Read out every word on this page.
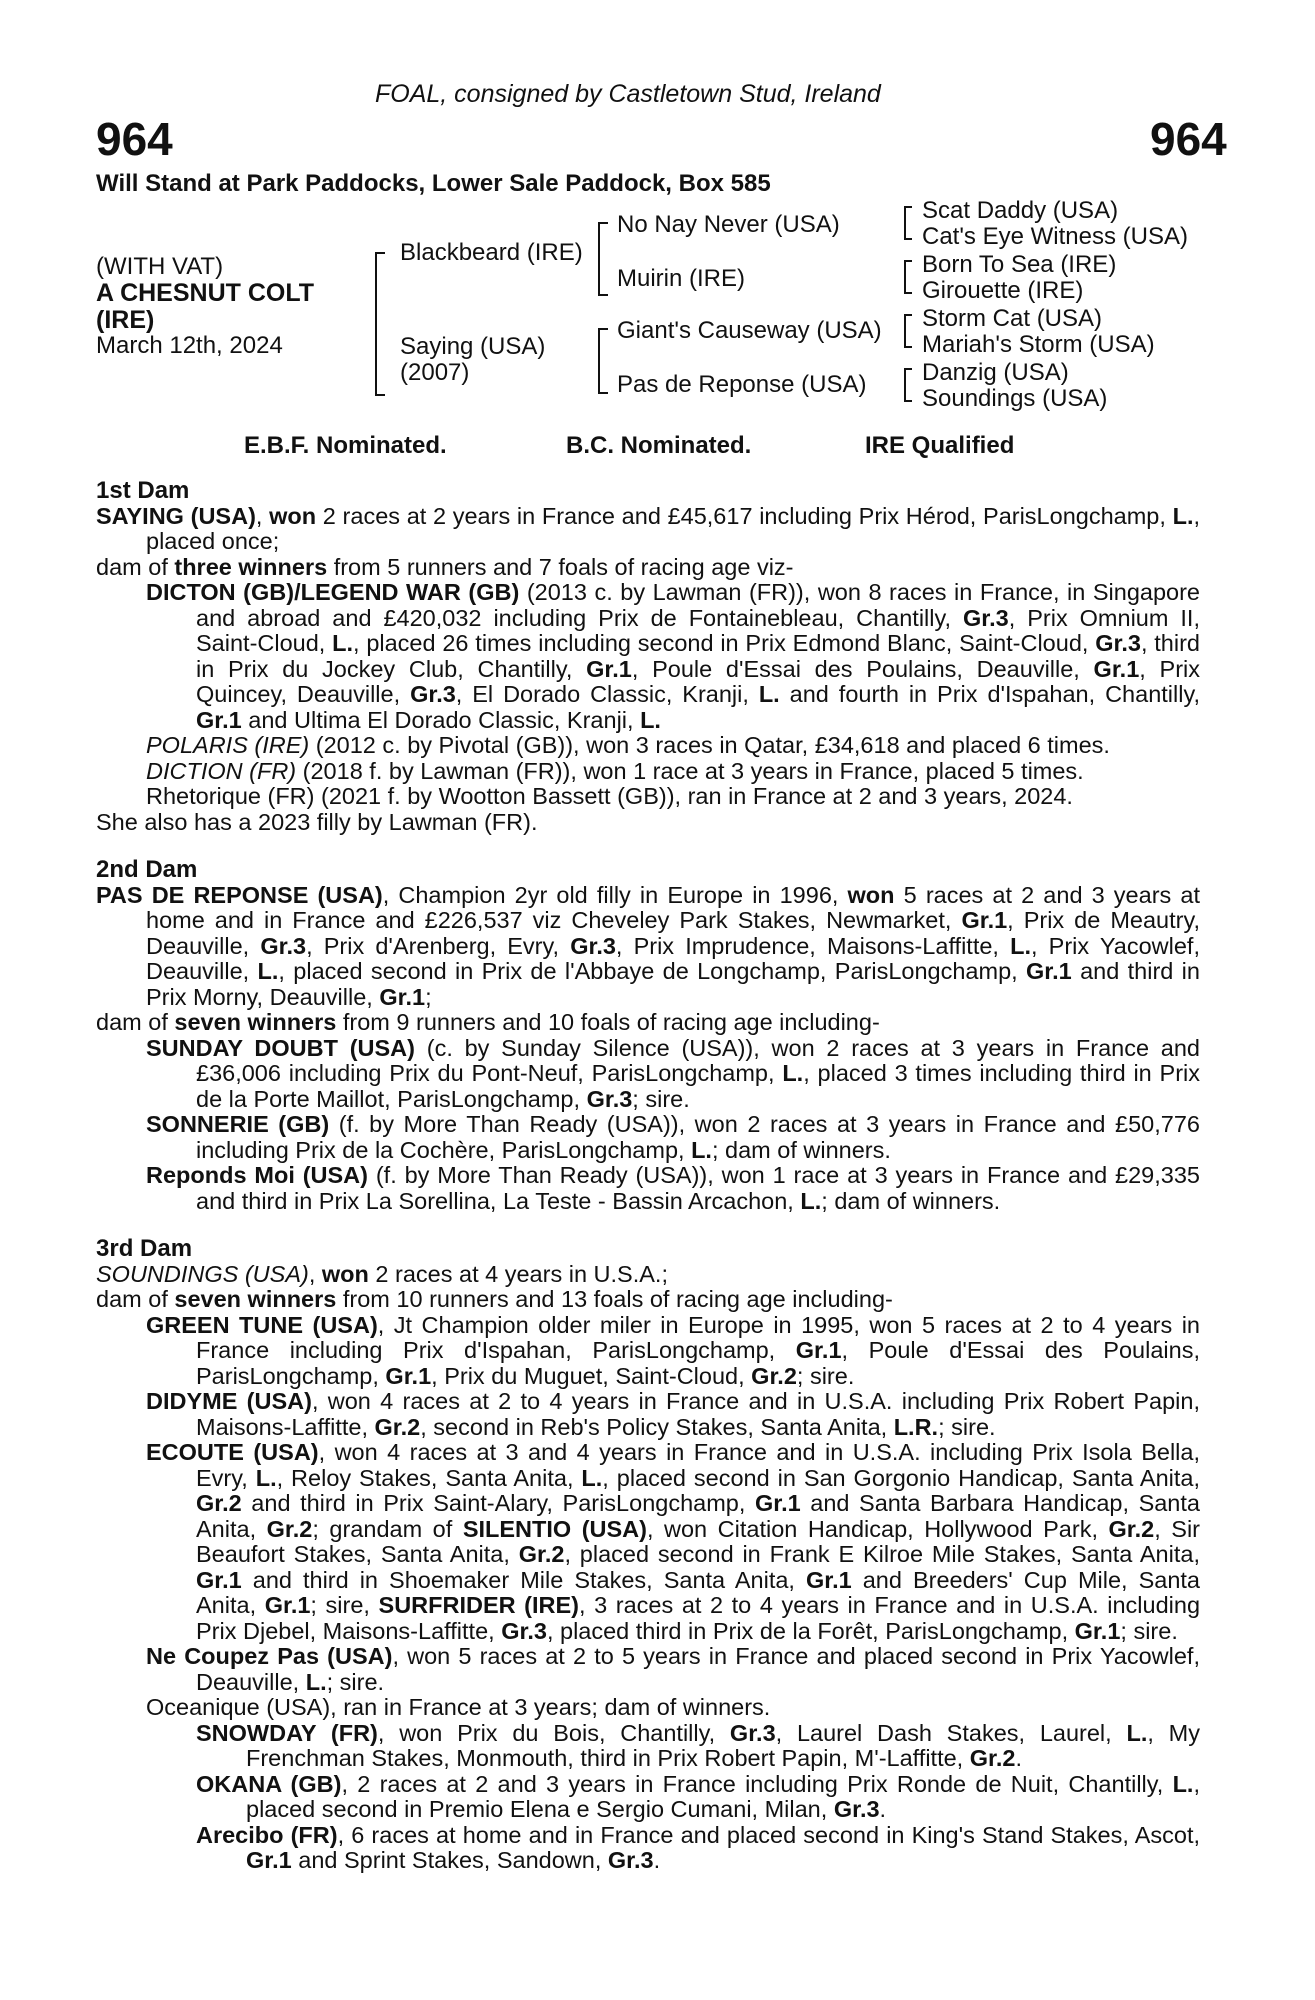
FOAL, consigned by Castletown Stud, Ireland
964	964
Will Stand at Park Paddocks, Lower Sale Paddock, Box 585
(WITH VAT)
A CHESNUT COLT
(IRE)
March 12th, 2024
Blackbeard (IRE)
Saying (USA)
(2007)
No Nay Never (USA)
Muirin (IRE)
Giant's Causeway (USA)
Pas de Reponse (USA)
Scat Daddy (USA)
Cat's Eye Witness (USA)
Born To Sea (IRE)
Girouette (IRE)
Storm Cat (USA)
Mariah's Storm (USA)
Danzig (USA)
Soundings (USA)
E.B.F. Nominated.	B.C. Nominated.	IRE Qualified
1st Dam
SAYING (USA), won 2 races at 2 years in France and £45,617 including Prix Hérod, ParisLongchamp, L., placed once;
dam of three winners from 5 runners and 7 foals of racing age viz-
DICTON (GB)/LEGEND WAR (GB) (2013 c. by Lawman (FR)), won 8 races in France, in Singapore and abroad and £420,032 including Prix de Fontainebleau, Chantilly, Gr.3, Prix Omnium II, Saint-Cloud, L., placed 26 times including second in Prix Edmond Blanc, Saint-Cloud, Gr.3, third in Prix du Jockey Club, Chantilly, Gr.1, Poule d'Essai des Poulains, Deauville, Gr.1, Prix Quincey, Deauville, Gr.3, El Dorado Classic, Kranji, L. and fourth in Prix d'Ispahan, Chantilly, Gr.1 and Ultima El Dorado Classic, Kranji, L.
POLARIS (IRE) (2012 c. by Pivotal (GB)), won 3 races in Qatar, £34,618 and placed 6 times.
DICTION (FR) (2018 f. by Lawman (FR)), won 1 race at 3 years in France, placed 5 times.
Rhetorique (FR) (2021 f. by Wootton Bassett (GB)), ran in France at 2 and 3 years, 2024.
She also has a 2023 filly by Lawman (FR).
2nd Dam
PAS DE REPONSE (USA), Champion 2yr old filly in Europe in 1996, won 5 races at 2 and 3 years at home and in France and £226,537 viz Cheveley Park Stakes, Newmarket, Gr.1, Prix de Meautry, Deauville, Gr.3, Prix d'Arenberg, Evry, Gr.3, Prix Imprudence, Maisons-Laffitte, L., Prix Yacowlef, Deauville, L., placed second in Prix de l'Abbaye de Longchamp, ParisLongchamp, Gr.1 and third in Prix Morny, Deauville, Gr.1;
dam of seven winners from 9 runners and 10 foals of racing age including-
SUNDAY DOUBT (USA) (c. by Sunday Silence (USA)), won 2 races at 3 years in France and £36,006 including Prix du Pont-Neuf, ParisLongchamp, L., placed 3 times including third in Prix de la Porte Maillot, ParisLongchamp, Gr.3; sire.
SONNERIE (GB) (f. by More Than Ready (USA)), won 2 races at 3 years in France and £50,776 including Prix de la Cochère, ParisLongchamp, L.; dam of winners.
Reponds Moi (USA) (f. by More Than Ready (USA)), won 1 race at 3 years in France and £29,335 and third in Prix La Sorellina, La Teste - Bassin Arcachon, L.; dam of winners.
3rd Dam
SOUNDINGS (USA), won 2 races at 4 years in U.S.A.;
dam of seven winners from 10 runners and 13 foals of racing age including-
GREEN TUNE (USA), Jt Champion older miler in Europe in 1995, won 5 races at 2 to 4 years in France including Prix d'Ispahan, ParisLongchamp, Gr.1, Poule d'Essai des Poulains, ParisLongchamp, Gr.1, Prix du Muguet, Saint-Cloud, Gr.2; sire.
DIDYME (USA), won 4 races at 2 to 4 years in France and in U.S.A. including Prix Robert Papin, Maisons-Laffitte, Gr.2, second in Reb's Policy Stakes, Santa Anita, L.R.; sire.
ECOUTE (USA), won 4 races at 3 and 4 years in France and in U.S.A. including Prix Isola Bella, Evry, L., Reloy Stakes, Santa Anita, L., placed second in San Gorgonio Handicap, Santa Anita, Gr.2 and third in Prix Saint-Alary, ParisLongchamp, Gr.1 and Santa Barbara Handicap, Santa Anita, Gr.2; grandam of SILENTIO (USA), won Citation Handicap, Hollywood Park, Gr.2, Sir Beaufort Stakes, Santa Anita, Gr.2, placed second in Frank E Kilroe Mile Stakes, Santa Anita, Gr.1 and third in Shoemaker Mile Stakes, Santa Anita, Gr.1 and Breeders' Cup Mile, Santa Anita, Gr.1; sire, SURFRIDER (IRE), 3 races at 2 to 4 years in France and in U.S.A. including Prix Djebel, Maisons-Laffitte, Gr.3, placed third in Prix de la Forêt, ParisLongchamp, Gr.1; sire.
Ne Coupez Pas (USA), won 5 races at 2 to 5 years in France and placed second in Prix Yacowlef, Deauville, L.; sire.
Oceanique (USA), ran in France at 3 years; dam of winners.
SNOWDAY (FR), won Prix du Bois, Chantilly, Gr.3, Laurel Dash Stakes, Laurel, L., My Frenchman Stakes, Monmouth, third in Prix Robert Papin, M'-Laffitte, Gr.2.
OKANA (GB), 2 races at 2 and 3 years in France including Prix Ronde de Nuit, Chantilly, L., placed second in Premio Elena e Sergio Cumani, Milan, Gr.3.
Arecibo (FR), 6 races at home and in France and placed second in King's Stand Stakes, Ascot, Gr.1 and Sprint Stakes, Sandown, Gr.3.
